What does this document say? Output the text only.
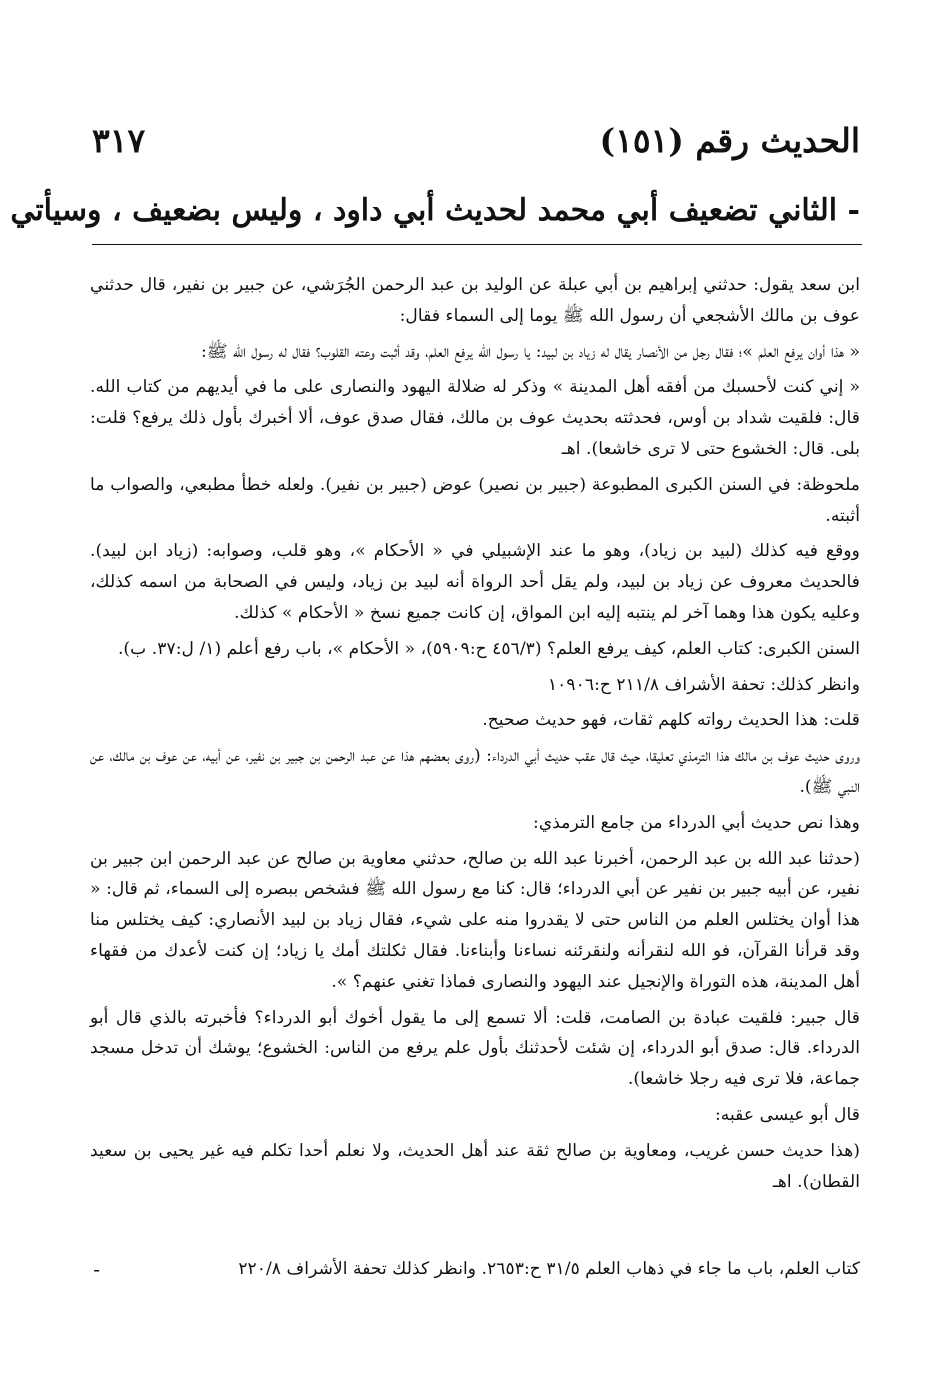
الحديث رقم (١٥١)
٣١٧
- الثاني تضعيف أبي محمد لحديث أبي داود ، وليس بضعيف ، وسيأتي

ابن سعد يقول: حدثني إبراهيم بن أبي عبلة عن الوليد بن عبد الرحمن الجُرَشي، عن جبير بن نفير، قال حدثني عوف بن مالك الأشجعي أن رسول الله ﷺ يوما إلى السماء فقال:

« هذا أوان يرفع العلم »؛ فقال رجل من الأنصار يقال له زياد بن لبيد: يا رسول الله يرفع العلم، وقد أثبت وعته القلوب؟ فقال له رسول الله ﷺ:

« إني كنت لأحسبك من أفقه أهل المدينة » وذكر له ضلالة اليهود والنصارى على ما في أيديهم من كتاب الله. قال: فلقيت شداد بن أوس، فحدثته بحديث عوف بن مالك، فقال صدق عوف، ألا أخبرك بأول ذلك يرفع؟ قلت: بلى. قال: الخشوع حتى لا ترى خاشعا). اهـ

ملحوظة: في السنن الكبرى المطبوعة (جبير بن نصير) عوض (جبير بن نفير). ولعله خطأ مطبعي، والصواب ما أثبته.

ووقع فيه كذلك (لبيد بن زياد)، وهو ما عند الإشبيلي في « الأحكام »، وهو قلب، وصوابه: (زياد ابن لبيد). فالحديث معروف عن زياد بن لبيد، ولم يقل أحد الرواة أنه لبيد بن زياد، وليس في الصحابة من اسمه كذلك، وعليه يكون هذا وهما آخر لم ينتبه إليه ابن المواق، إن كانت جميع نسخ « الأحكام » كذلك.

السنن الكبرى: كتاب العلم، كيف يرفع العلم؟ (٤٥٦/٣ ح:٥٩٠٩)، « الأحكام »، باب رفع أعلم (١/ ل:٣٧. ب).

وانظر كذلك: تحفة الأشراف ٢١١/٨ ح:١٠٩٠٦

قلت: هذا الحديث رواته كلهم ثقات، فهو حديث صحيح.

وروى حديث عوف بن مالك هذا الترمذي تعليقا، حيث قال عقب حديث أبي الدرداء: (روى بعضهم هذا عن عبد الرحمن بن جبير بن نفير، عن أبيه، عن عوف بن مالك، عن النبي ﷺ).

وهذا نص حديث أبي الدرداء من جامع الترمذي:

(حدثنا عبد الله بن عبد الرحمن، أخبرنا عبد الله بن صالح، حدثني معاوية بن صالح عن عبد الرحمن ابن جبير بن نفير، عن أبيه جبير بن نفير عن أبي الدرداء؛ قال: كنا مع رسول الله ﷺ فشخص ببصره إلى السماء، ثم قال: « هذا أوان يختلس العلم من الناس حتى لا يقدروا منه على شيء، فقال زياد بن لبيد الأنصاري: كيف يختلس منا وقد قرأنا القرآن، فو الله لنقرأنه ولنقرئنه نساءنا وأبناءنا. فقال ثكلتك أمك يا زياد؛ إن كنت لأعدك من فقهاء أهل المدينة، هذه التوراة والإنجيل عند اليهود والنصارى فماذا تغني عنهم؟ ».

قال جبير: فلقيت عبادة بن الصامت، قلت: ألا تسمع إلى ما يقول أخوك أبو الدرداء؟ فأخبرته بالذي قال أبو الدرداء. قال: صدق أبو الدرداء، إن شئت لأحدثنك بأول علم يرفع من الناس: الخشوع؛ يوشك أن تدخل مسجد جماعة، فلا ترى فيه رجلا خاشعا).

قال أبو عيسى عقبه:

(هذا حديث حسن غريب، ومعاوية بن صالح ثقة عند أهل الحديث، ولا نعلم أحدا تكلم فيه غير يحيى بن سعيد القطان). اهـ

كتاب العلم، باب ما جاء في ذهاب العلم ٣١/٥ ح:٢٦٥٣. وانظر كذلك تحفة الأشراف ٢٢٠/٨
-
